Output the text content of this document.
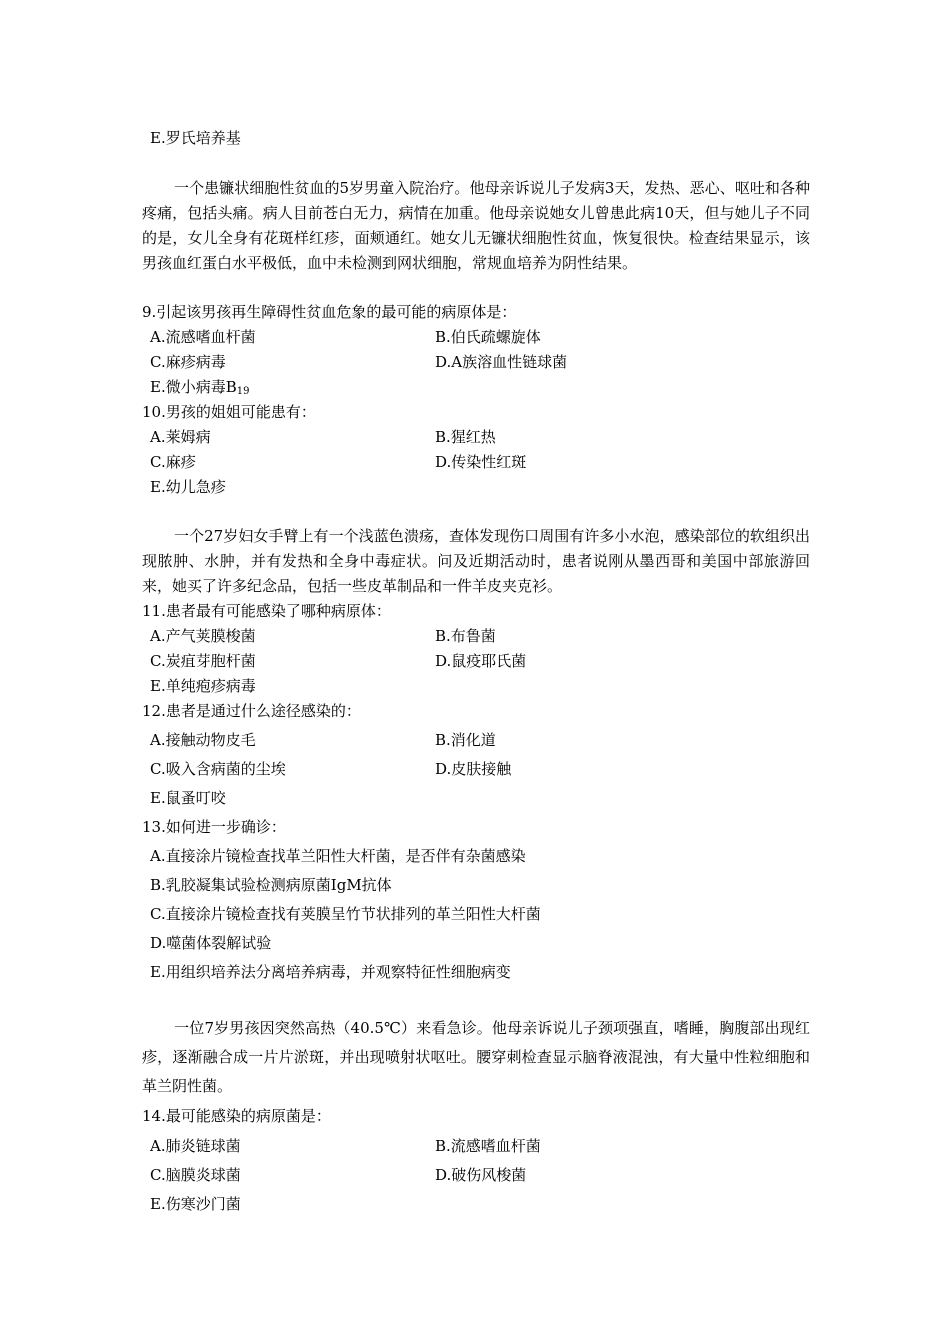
E.罗氏培养基
一个患镰状细胞性贫血的5岁男童入院治疗。他母亲诉说儿子发病3天，发热、恶心、呕吐和各种疼痛，包括头痛。病人目前苍白无力，病情在加重。他母亲说她女儿曾患此病10天，但与她儿子不同的是，女儿全身有花斑样红疹，面颊通红。她女儿无镰状细胞性贫血，恢复很快。检查结果显示，该男孩血红蛋白水平极低，血中未检测到网状细胞，常规血培养为阴性结果。
9.引起该男孩再生障碍性贫血危象的最可能的病原体是：
A.流感嗜血杆菌	B.伯氏疏螺旋体
C.麻疹病毒	D.A族溶血性链球菌
E.微小病毒$B_{19}$
10.男孩的姐姐可能患有：
A.莱姆病	B.猩红热
C.麻疹	D.传染性红斑
E.幼儿急疹
一个27岁妇女手臂上有一个浅蓝色溃疡，查体发现伤口周围有许多小水泡，感染部位的软组织出现脓肿、水肿，并有发热和全身中毒症状。问及近期活动时，患者说刚从墨西哥和美国中部旅游回来，她买了许多纪念品，包括一些皮革制品和一件羊皮夹克衫。
11.患者最有可能感染了哪种病原体：
A.产气荚膜梭菌	B.布鲁菌
C.炭疽芽胞杆菌	D.鼠疫耶氏菌
E.单纯疱疹病毒
12.患者是通过什么途径感染的：
A.接触动物皮毛	B.消化道
C.吸入含病菌的尘埃	D.皮肤接触
E.鼠蚤叮咬
13.如何进一步确诊：
A.直接涂片镜检查找革兰阳性大杆菌，是否伴有杂菌感染
B.乳胶凝集试验检测病原菌IgM抗体
C.直接涂片镜检查找有荚膜呈竹节状排列的革兰阳性大杆菌
D.噬菌体裂解试验
E.用组织培养法分离培养病毒，并观察特征性细胞病变
一位7岁男孩因突然高热（40.5℃）来看急诊。他母亲诉说儿子颈项强直，嗜睡，胸腹部出现红疹，逐渐融合成一片片淤斑，并出现喷射状呕吐。腰穿刺检查显示脑脊液混浊，有大量中性粒细胞和革兰阴性菌。
14.最可能感染的病原菌是：
A.肺炎链球菌	B.流感嗜血杆菌
C.脑膜炎球菌	D.破伤风梭菌
E.伤寒沙门菌
